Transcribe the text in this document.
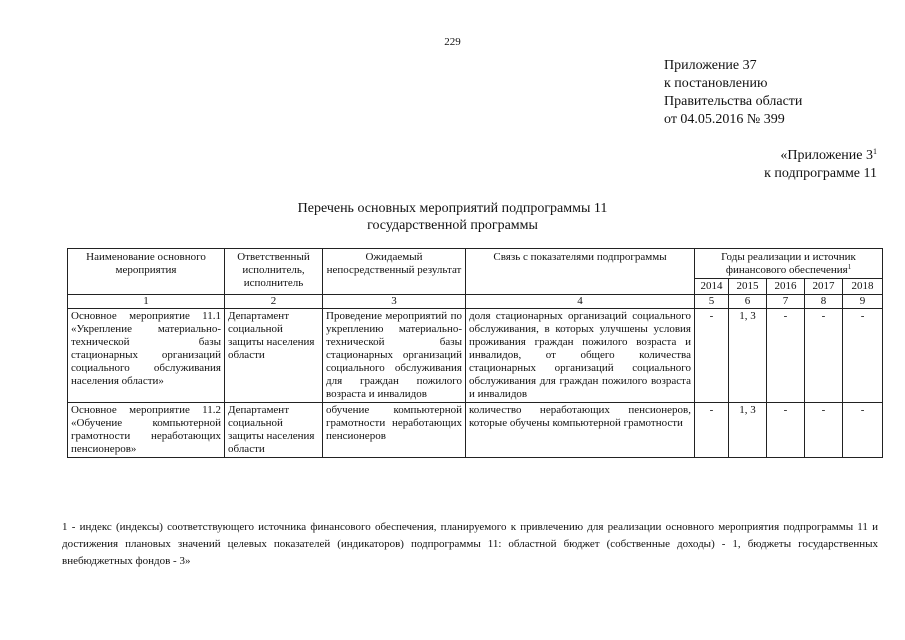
229
Приложение 37
к постановлению
Правительства области
от 04.05.2016 № 399
«Приложение $3^1$
к подпрограмме 11
Перечень основных мероприятий подпрограммы 11
государственной программы
Наименование основного мероприятия	Ответственный исполнитель, исполнитель	Ожидаемый непосредственный результат	Связь с показателями подпрограммы	Годы реализации и источник финансового обеспечения$^1$
				2014	2015	2016	2017	2018
1	2	3	4	5	6	7	8	9
Основное мероприятие 11.1 «Укрепление материально-технической базы стационарных организаций социального обслуживания населения области»	Департамент социальной защиты населения области	Проведение мероприятий по укреплению материально-технической базы стационарных организаций социального обслуживания для граждан пожилого возраста и инвалидов	доля стационарных организаций социального обслуживания, в которых улучшены условия проживания граждан пожилого возраста и инвалидов, от общего количества стационарных организаций социального обслуживания для граждан пожилого возраста и инвалидов	-	1, 3	-	-	-
Основное мероприятие 11.2 «Обучение компьютерной грамотности неработающих пенсионеров»	Департамент социальной защиты населения области	обучение компьютерной грамотности неработающих пенсионеров	количество неработающих пенсионеров, которые обучены компьютерной грамотности	-	1, 3	-	-	-
1 - индекс (индексы) соответствующего источника финансового обеспечения, планируемого к привлечению для реализации основного мероприятия подпрограммы 11 и достижения плановых значений целевых показателей (индикаторов) подпрограммы 11: областной бюджет (собственные доходы) - 1, бюджеты государственных внебюджетных фондов - 3»
